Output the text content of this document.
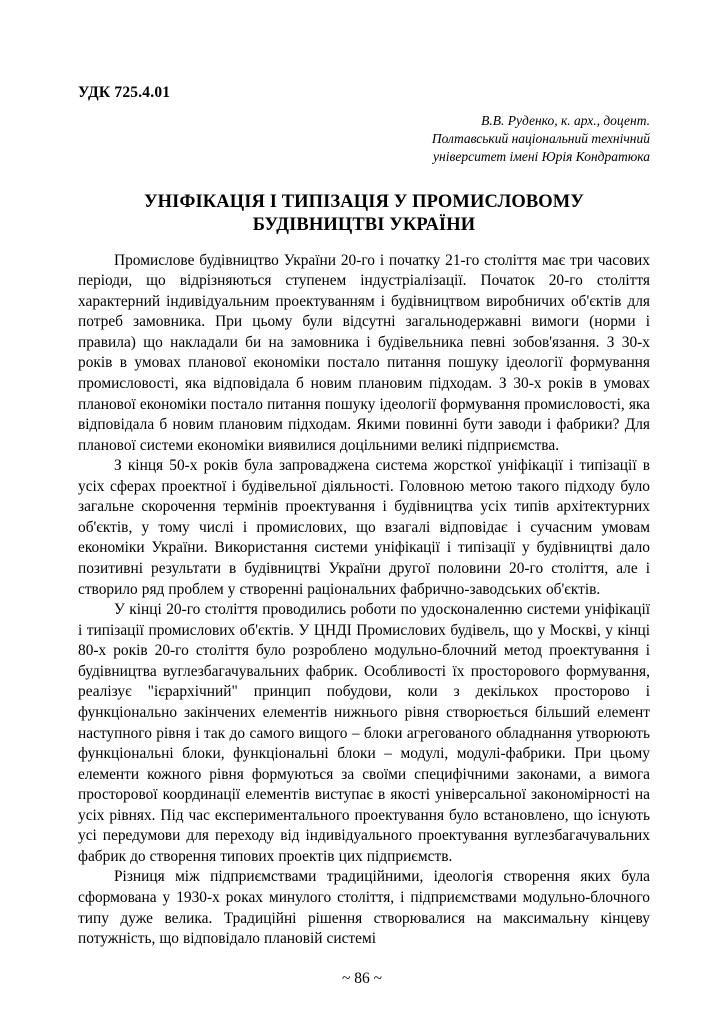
УДК 725.4.01
В.В. Руденко, к. арх., доцент.
Полтавський національний технічний
університет імені Юрія Кондратюка
УНІФІКАЦІЯ І ТИПІЗАЦІЯ У ПРОМИСЛОВОМУ
БУДІВНИЦТВІ УКРАЇНИ

Промислове будівництво України 20-го і початку 21-го століття має три часових періоди, що відрізняються ступенем індустріалізації. Початок 20-го століття характерний індивідуальним проектуванням і будівництвом виробничих об'єктів для потреб замовника. При цьому були відсутні загальнодержавні вимоги (норми і правила) що накладали би на замовника і будівельника певні зобов'язання. З 30-х років в умовах планової економіки постало питання пошуку ідеології формування промисловості, яка відповідала б новим плановим підходам. З 30-х років в умовах планової економіки постало питання пошуку ідеології формування промисловості, яка відповідала б новим плановим підходам. Якими повинні бути заводи і фабрики? Для планової системи економіки виявилися доцільними великі підприємства.

З кінця 50-х років була запроваджена система жорсткої уніфікації і типізації в усіх сферах проектної і будівельної діяльності. Головною метою такого підходу було загальне скорочення термінів проектування і будівництва усіх типів архітектурних об'єктів, у тому числі і промислових, що взагалі відповідає і сучасним умовам економіки України. Використання системи уніфікації і типізації у будівництві дало позитивні результати в будівництві України другої половини 20-го століття, але і створило ряд проблем у створенні раціональних фабрично-заводських об'єктів.

У кінці 20-го століття проводились роботи по удосконаленню системи уніфікації і типізації промислових об'єктів. У ЦНДІ Промислових будівель, що у Москві, у кінці 80-х років 20-го століття було розроблено модульно-блочний метод проектування і будівництва вуглезбагачувальних фабрик. Особливості їх просторового формування, реалізує "ієрархічний" принцип побудови, коли з декількох просторово і функціонально закінчених елементів нижнього рівня створюється більший елемент наступного рівня і так до самого вищого – блоки агрегованого обладнання утворюють функціональні блоки, функціональні блоки – модулі, модулі-фабрики. При цьому елементи кожного рівня формуються за своїми специфічними законами, а вимога просторової координації елементів виступає в якості універсальної закономірності на усіх рівнях. Під час експериментального проектування було встановлено, що існують усі передумови для переходу від індивідуального проектування вуглезбагачувальних фабрик до створення типових проектів цих підприємств.

Різниця між підприємствами традиційними, ідеологія створення яких була сформована у 1930-х роках минулого століття, і підприємствами модульно-блочного типу дуже велика. Традиційні рішення створювалися на максимальну кінцеву потужність, що відповідало плановій системі

~ 86 ~
